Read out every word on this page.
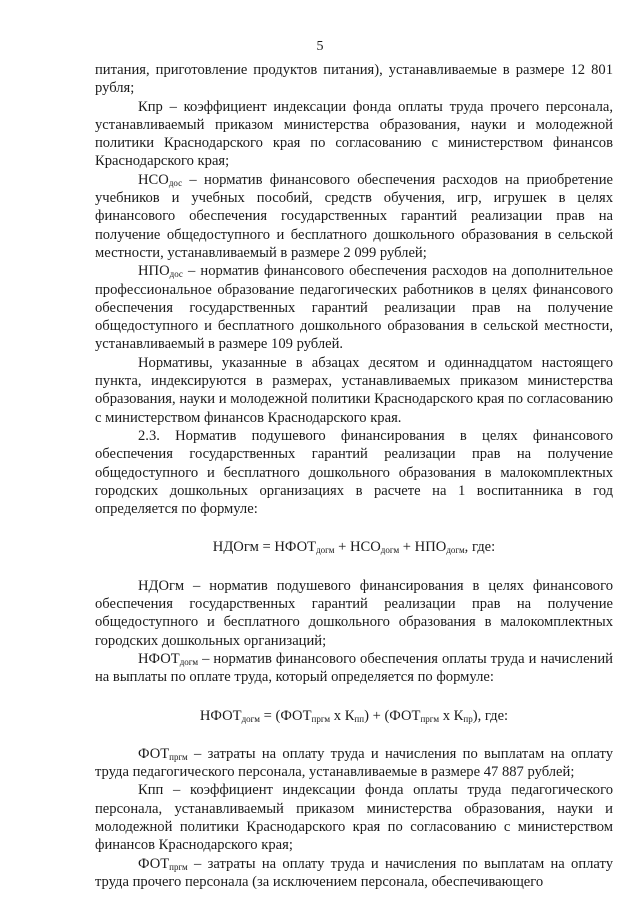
5

питания, приготовление продуктов питания), устанавливаемые в размере 12 801 рубля;

Кпр – коэффициент индексации фонда оплаты труда прочего персонала, устанавливаемый приказом министерства образования, науки и молодежной политики Краснодарского края по согласованию с министерством финансов Краснодарского края;

$НСО_{дос}$ – норматив финансового обеспечения расходов на приобретение учебников и учебных пособий, средств обучения, игр, игрушек в целях финансового обеспечения государственных гарантий реализации прав на получение общедоступного и бесплатного дошкольного образования в сельской местности, устанавливаемый в размере 2 099 рублей;

$НПО_{дос}$ – норматив финансового обеспечения расходов на дополнительное профессиональное образование педагогических работников в целях финансового обеспечения государственных гарантий реализации прав на получение общедоступного и бесплатного дошкольного образования в сельской местности, устанавливаемый в размере 109 рублей.

Нормативы, указанные в абзацах десятом и одиннадцатом настоящего пункта, индексируются в размерах, устанавливаемых приказом министерства образования, науки и молодежной политики Краснодарского края по согласованию с министерством финансов Краснодарского края.

2.3. Норматив подушевого финансирования в целях финансового обеспечения государственных гарантий реализации прав на получение общедоступного и бесплатного дошкольного образования в малокомплектных городских дошкольных организациях в расчете на 1 воспитанника в год определяется по формуле:

НДОгм = $НФОТ_{догм} + НСО_{догм} + НПО_{догм}$, где:

НДОгм – норматив подушевого финансирования в целях финансового обеспечения государственных гарантий реализации прав на получение общедоступного и бесплатного дошкольного образования в малокомплектных городских дошкольных организаций;

$НФОТ_{догм}$ – норматив финансового обеспечения оплаты труда и начислений на выплаты по оплате труда, который определяется по формуле:

$НФОТ_{догм} = (ФОТ_{пргм}$ x $К_{пп}) + (ФОТ_{пргм}$ x $К_{пр}$), где:

$ФОТ_{пргм}$ – затраты на оплату труда и начисления по выплатам на оплату труда педагогического персонала, устанавливаемые в размере 47 887 рублей;

Кпп – коэффициент индексации фонда оплаты труда педагогического персонала, устанавливаемый приказом министерства образования, науки и молодежной политики Краснодарского края по согласованию с министерством финансов Краснодарского края;

$ФОТ_{пргм}$ – затраты на оплату труда и начисления по выплатам на оплату труда прочего персонала (за исключением персонала, обеспечивающего
